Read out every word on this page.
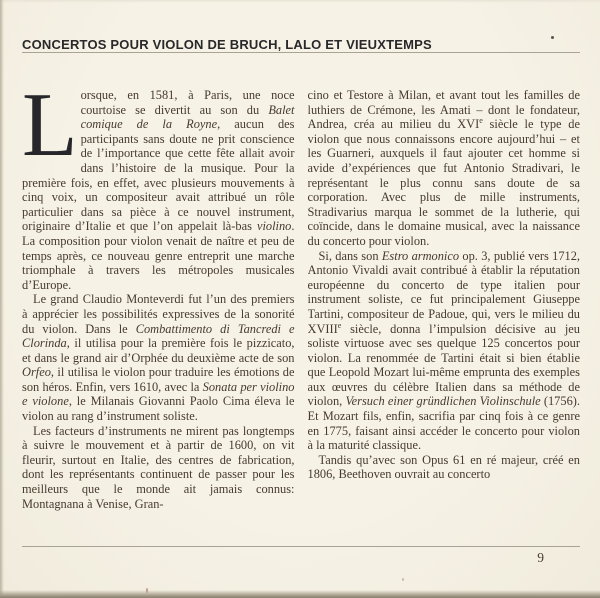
CONCERTOS POUR VIOLON DE BRUCH, LALO ET VIEUXTEMPS

Lorsque, en 1581, à Paris, une noce courtoise se divertit au son du Balet comique de la Royne, aucun des participants sans doute ne prit conscience de l’importance que cette fête allait avoir dans l’histoire de la musique. Pour la première fois, en effet, avec plusieurs mouvements à cinq voix, un compositeur avait attribué un rôle particulier dans sa pièce à ce nouvel instrument, originaire d’Italie et que l’on appelait là-bas violino. La composition pour violon venait de naître et peu de temps après, ce nouveau genre entreprit une marche triomphale à travers les métropoles musicales d’Europe.

Le grand Claudio Monteverdi fut l’un des premiers à apprécier les possibilités expressives de la sonorité du violon. Dans le Combattimento di Tancredi e Clorinda, il utilisa pour la première fois le pizzicato, et dans le grand air d’Orphée du deuxième acte de son Orfeo, il utilisa le violon pour traduire les émotions de son héros. Enfin, vers 1610, avec la Sonata per violino e violone, le Milanais Giovanni Paolo Cima éleva le violon au rang d’instrument soliste.

Les facteurs d’instruments ne mirent pas longtemps à suivre le mouvement et à partir de 1600, on vit fleurir, surtout en Italie, des centres de fabrication, dont les représentants continuent de passer pour les meilleurs que le monde ait jamais connus: Montagnana à Venise, Gran-

cino et Testore à Milan, et avant tout les familles de luthiers de Crémone, les Amati – dont le fondateur, Andrea, créa au milieu du XVIe siècle le type de violon que nous connaissons encore aujourd’hui – et les Guarneri, auxquels il faut ajouter cet homme si avide d’expériences que fut Antonio Stradivari, le représentant le plus connu sans doute de sa corporation. Avec plus de mille instruments, Stradivarius marqua le sommet de la lutherie, qui coïncide, dans le domaine musical, avec la naissance du concerto pour violon.

Si, dans son Estro armonico op. 3, publié vers 1712, Antonio Vivaldi avait contribué à établir la réputation européenne du concerto de type italien pour instrument soliste, ce fut principalement Giuseppe Tartini, compositeur de Padoue, qui, vers le milieu du XVIIIe siècle, donna l’impulsion décisive au jeu soliste virtuose avec ses quelque 125 concertos pour violon. La renommée de Tartini était si bien établie que Leopold Mozart lui-même emprunta des exemples aux œuvres du célèbre Italien dans sa méthode de violon, Versuch einer gründlichen Violinschule (1756). Et Mozart fils, enfin, sacrifia par cinq fois à ce genre en 1775, faisant ainsi accéder le concerto pour violon à la maturité classique.

Tandis qu’avec son Opus 61 en ré majeur, créé en 1806, Beethoven ouvrait au concerto

9
